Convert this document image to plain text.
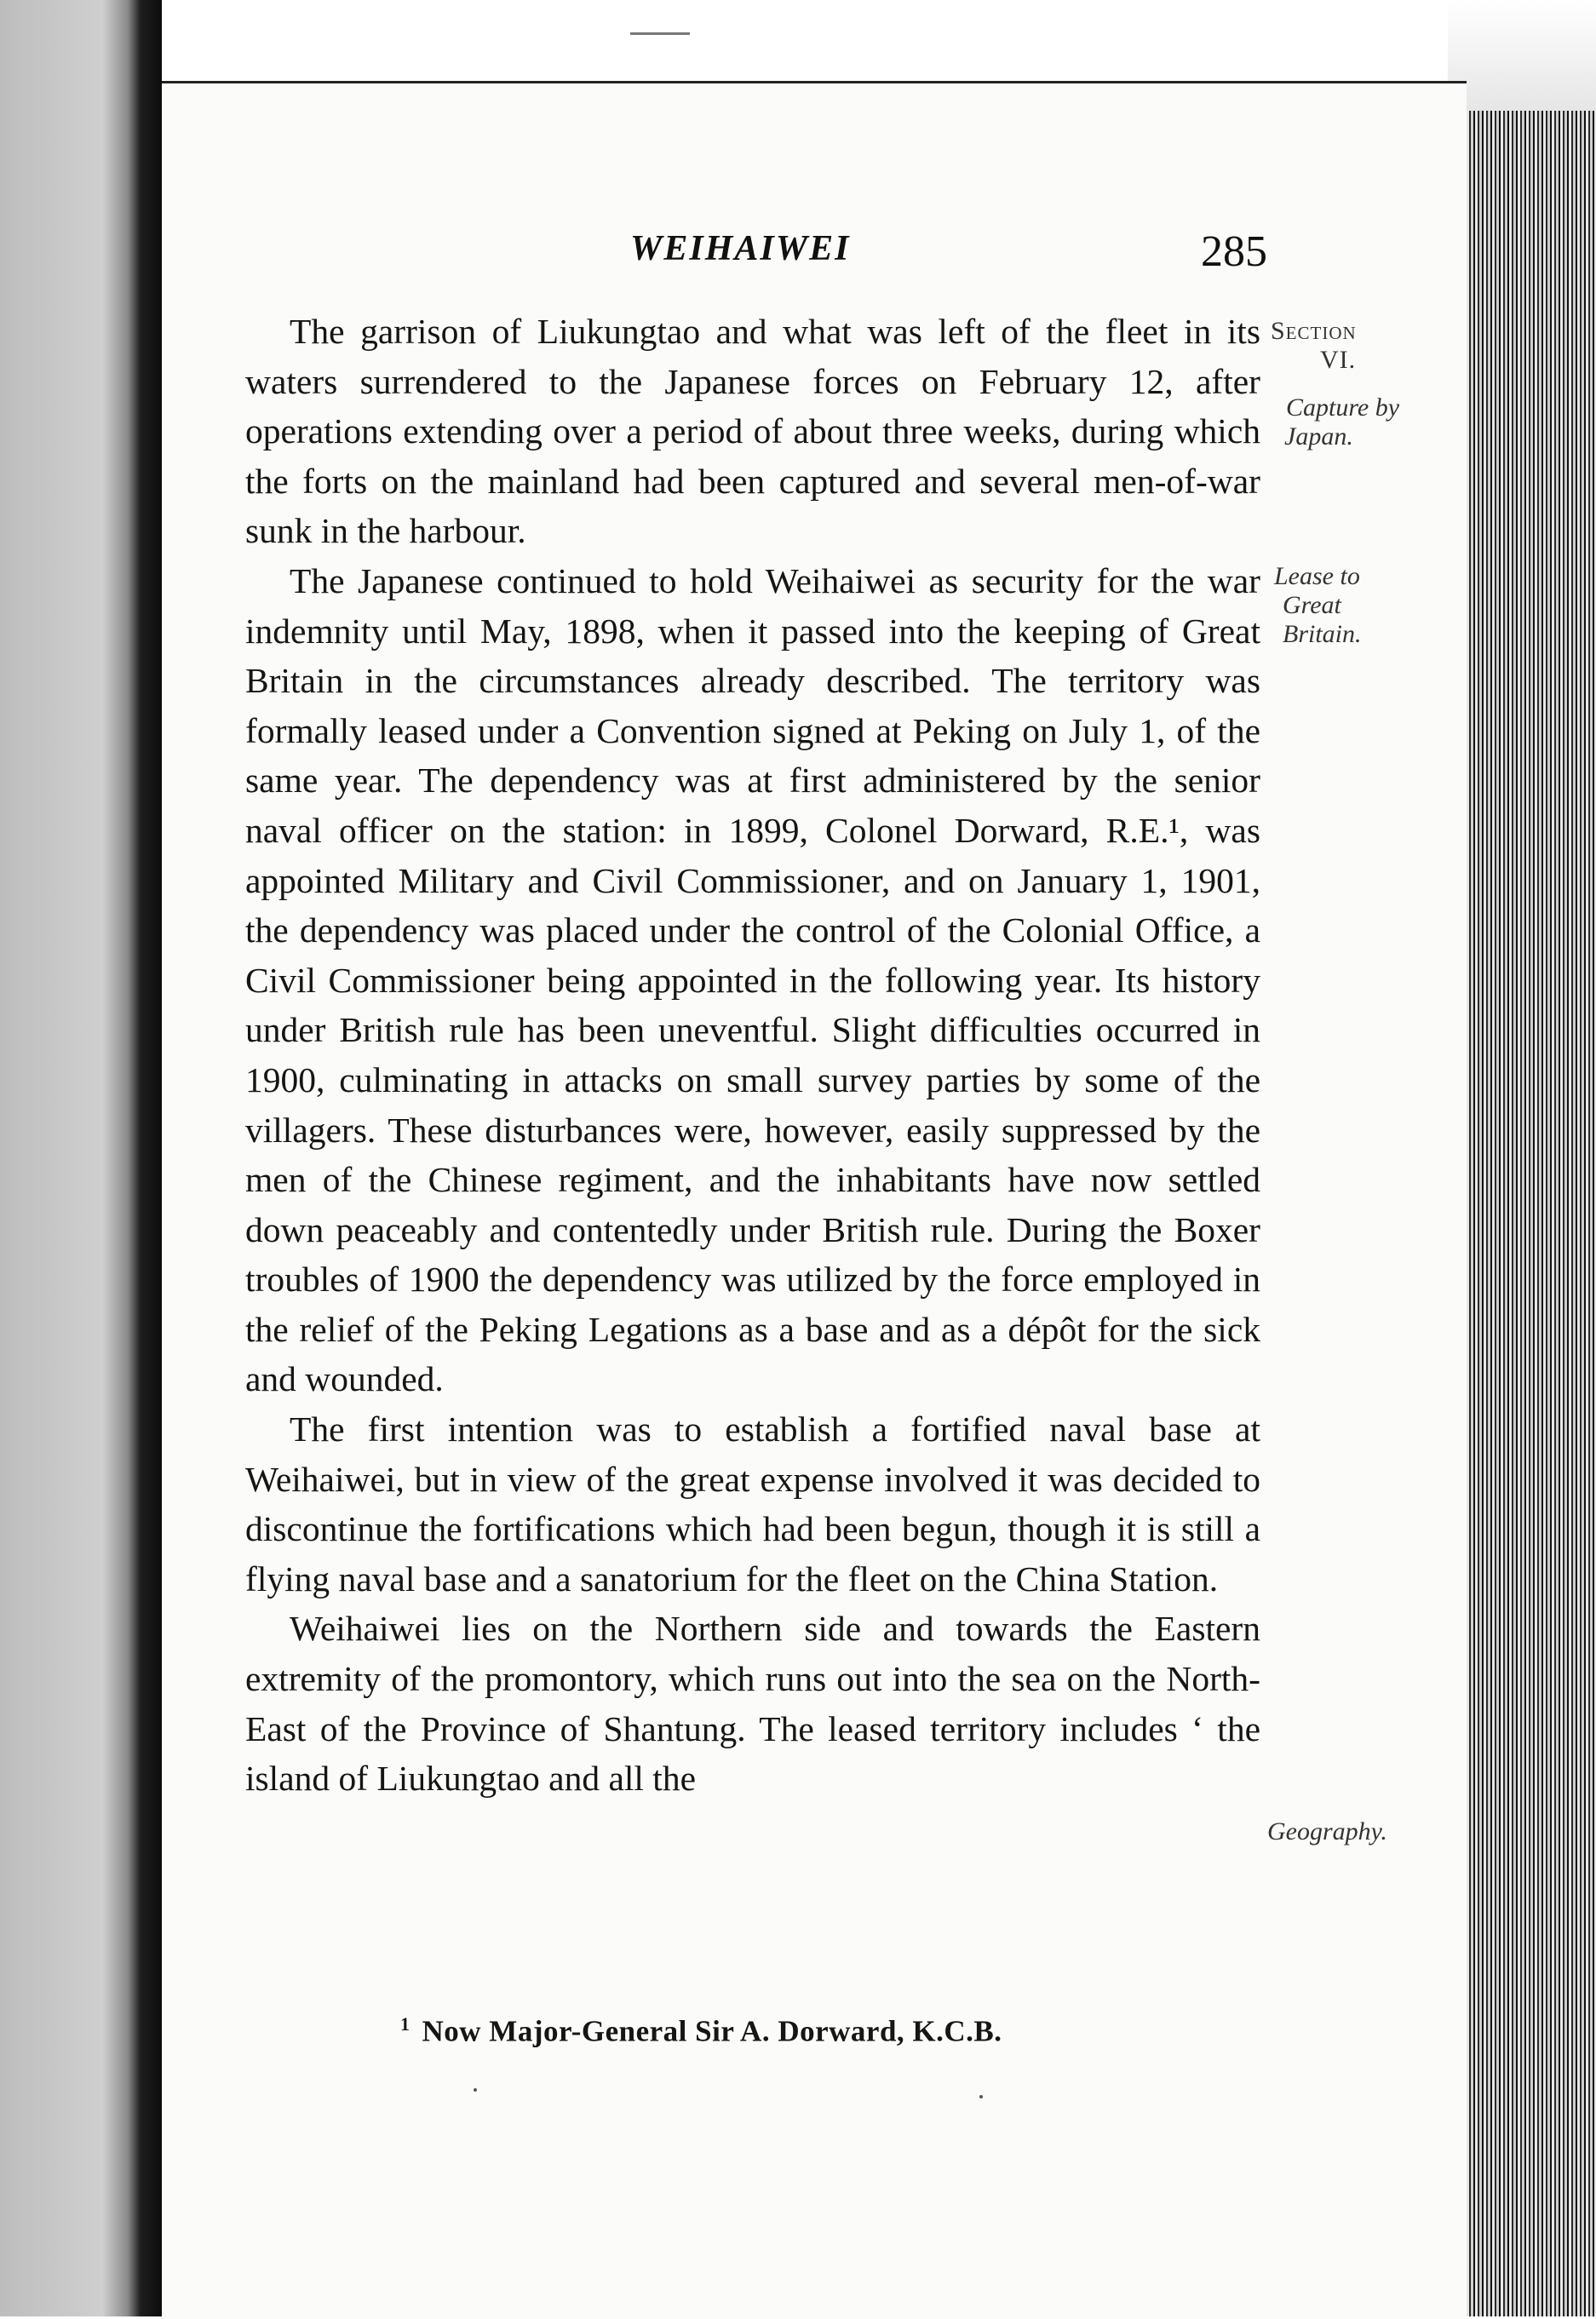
WEIHAIWEI	285
Section
VI.
Capture by
Japan.
Lease to
Great
Britain.
Geography.

The garrison of Liukungtao and what was left of the fleet in its waters surrendered to the Japanese forces on February 12, after operations extending over a period of about three weeks, during which the forts on the mainland had been captured and several men-of-war sunk in the harbour.

The Japanese continued to hold Weihaiwei as security for the war indemnity until May, 1898, when it passed into the keeping of Great Britain in the circumstances already described. The territory was formally leased under a Convention signed at Peking on July 1, of the same year. The dependency was at first administered by the senior naval officer on the station: in 1899, Colonel Dorward, R.E.¹, was appointed Military and Civil Commissioner, and on January 1, 1901, the dependency was placed under the control of the Colonial Office, a Civil Commissioner being appointed in the following year. Its history under British rule has been uneventful. Slight difficulties occurred in 1900, culminating in attacks on small survey parties by some of the villagers. These disturbances were, however, easily suppressed by the men of the Chinese regiment, and the inhabitants have now settled down peaceably and contentedly under British rule. During the Boxer troubles of 1900 the dependency was utilized by the force employed in the relief of the Peking Legations as a base and as a dépôt for the sick and wounded.

The first intention was to establish a fortified naval base at Weihaiwei, but in view of the great expense involved it was decided to discontinue the fortifications which had been begun, though it is still a flying naval base and a sanatorium for the fleet on the China Station.

Weihaiwei lies on the Northern side and towards the Eastern extremity of the promontory, which runs out into the sea on the North-East of the Province of Shantung. The leased territory includes ‘ the island of Liukungtao and all the

$^1$ Now Major-General Sir A. Dorward, K.C.B.
